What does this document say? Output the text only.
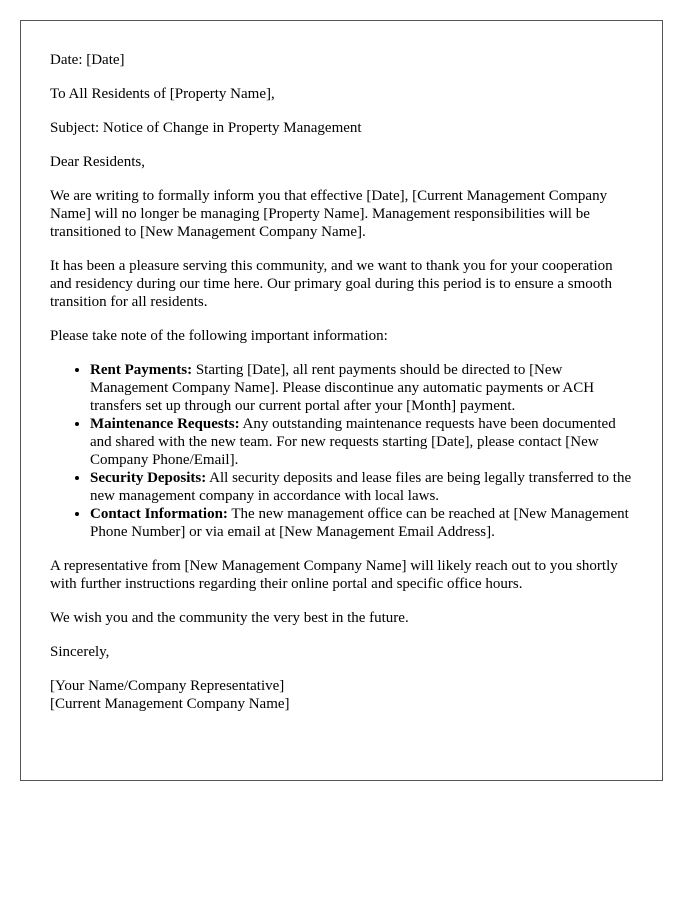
Date: [Date]

To All Residents of [Property Name],

Subject: Notice of Change in Property Management

Dear Residents,

We are writing to formally inform you that effective [Date], [Current Management Company Name] will no longer be managing [Property Name]. Management responsibilities will be transitioned to [New Management Company Name].

It has been a pleasure serving this community, and we want to thank you for your cooperation and residency during our time here. Our primary goal during this period is to ensure a smooth transition for all residents.

Please take note of the following important information:

• Rent Payments: Starting [Date], all rent payments should be directed to [New Management Company Name]. Please discontinue any automatic payments or ACH transfers set up through our current portal after your [Month] payment.
• Maintenance Requests: Any outstanding maintenance requests have been documented and shared with the new team. For new requests starting [Date], please contact [New Company Phone/Email].
• Security Deposits: All security deposits and lease files are being legally transferred to the new management company in accordance with local laws.
• Contact Information: The new management office can be reached at [New Management Phone Number] or via email at [New Management Email Address].

A representative from [New Management Company Name] will likely reach out to you shortly with further instructions regarding their online portal and specific office hours.

We wish you and the community the very best in the future.

Sincerely,

[Your Name/Company Representative]
[Current Management Company Name]
